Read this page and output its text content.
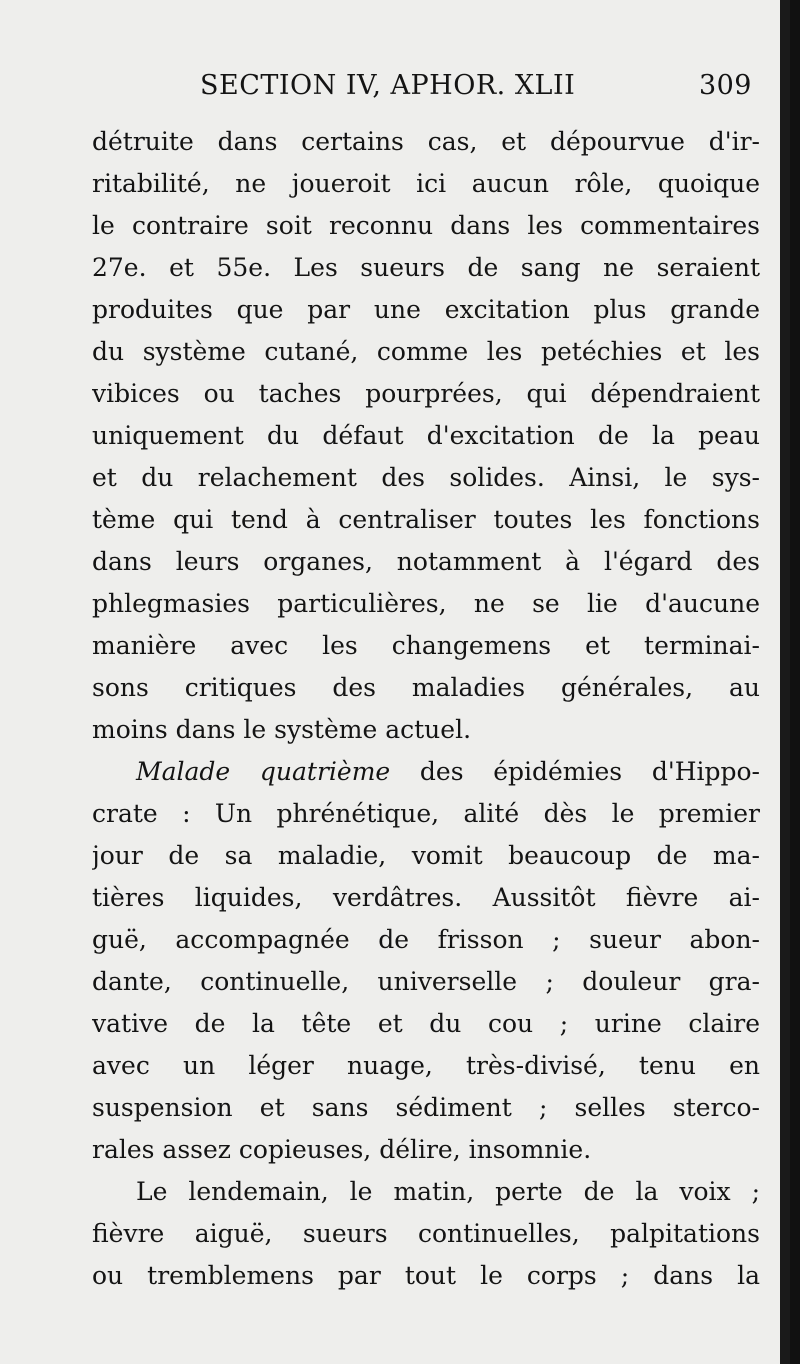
SECTION IV, APHOR. XLII	309
détruite dans certains cas, et dépourvue d'ir-
ritabilité, ne joueroit ici aucun rôle, quoique
le contraire soit reconnu dans les commentaires
27e. et 55e. Les sueurs de sang ne seraient
produites que par une excitation plus grande
du système cutané, comme les petéchies et les
vibices ou taches pourprées, qui dépendraient
uniquement du défaut d'excitation de la peau
et du relachement des solides. Ainsi, le sys-
tème qui tend à centraliser toutes les fonctions
dans leurs organes, notamment à l'égard des
phlegmasies particulières, ne se lie d'aucune
manière avec les changemens et terminai-
sons critiques des maladies générales, au
moins dans le système actuel.
Malade quatrième des épidémies d'Hippo-
crate : Un phrénétique, alité dès le premier
jour de sa maladie, vomit beaucoup de ma-
tières liquides, verdâtres. Aussitôt fièvre ai-
guë, accompagnée de frisson ; sueur abon-
dante, continuelle, universelle ; douleur gra-
vative de la tête et du cou ; urine claire
avec un léger nuage, très-divisé, tenu en
suspension et sans sédiment ; selles sterco-
rales assez copieuses, délire, insomnie.
Le lendemain, le matin, perte de la voix ;
fièvre aiguë, sueurs continuelles, palpitations
ou tremblemens par tout le corps ; dans la
